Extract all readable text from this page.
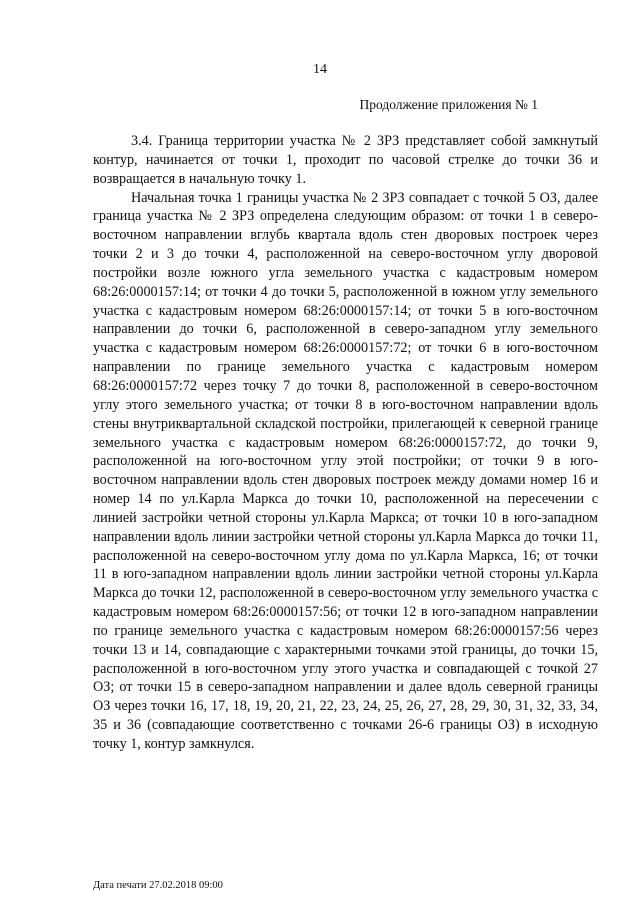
14
Продолжение приложения № 1

3.4. Граница территории участка № 2 ЗРЗ представляет собой замкнутый контур, начинается от точки 1, проходит по часовой стрелке до точки 36 и возвращается в начальную точку 1.

Начальная точка 1 границы участка № 2 ЗРЗ совпадает с точкой 5 ОЗ, далее граница участка № 2 ЗРЗ определена следующим образом: от точки 1 в северо-восточном направлении вглубь квартала вдоль стен дворовых построек через точки 2 и 3 до точки 4, расположенной на северо-восточном углу дворовой постройки возле южного угла земельного участка с кадастровым номером 68:26:0000157:14; от точки 4 до точки 5, расположенной в южном углу земельного участка с кадастровым номером 68:26:0000157:14; от точки 5 в юго-восточном направлении до точки 6, расположенной в северо-западном углу земельного участка с кадастровым номером 68:26:0000157:72; от точки 6 в юго-восточном направлении по границе земельного участка с кадастровым номером 68:26:0000157:72 через точку 7 до точки 8, расположенной в северо-восточном углу этого земельного участка; от точки 8 в юго-восточном направлении вдоль стены внутриквартальной складской постройки, прилегающей к северной границе земельного участка с кадастровым номером 68:26:0000157:72, до точки 9, расположенной на юго-восточном углу этой постройки; от точки 9 в юго-восточном направлении вдоль стен дворовых построек между домами номер 16 и номер 14 по ул.Карла Маркса до точки 10, расположенной на пересечении с линией застройки четной стороны ул.Карла Маркса; от точки 10 в юго-западном направлении вдоль линии застройки четной стороны ул.Карла Маркса до точки 11, расположенной на северо-восточном углу дома по ул.Карла Маркса, 16; от точки 11 в юго-западном направлении вдоль линии застройки четной стороны ул.Карла Маркса до точки 12, расположенной в северо-восточном углу земельного участка с кадастровым номером 68:26:0000157:56; от точки 12 в юго-западном направлении по границе земельного участка с кадастровым номером 68:26:0000157:56 через точки 13 и 14, совпадающие с характерными точками этой границы, до точки 15, расположенной в юго-восточном углу этого участка и совпадающей с точкой 27 ОЗ; от точки 15 в северо-западном направлении и далее вдоль северной границы ОЗ через точки 16, 17, 18, 19, 20, 21, 22, 23, 24, 25, 26, 27, 28, 29, 30, 31, 32, 33, 34, 35 и 36 (совпадающие соответственно с точками 26-6 границы ОЗ) в исходную точку 1, контур замкнулся.

Дата печати 27.02.2018 09:00
